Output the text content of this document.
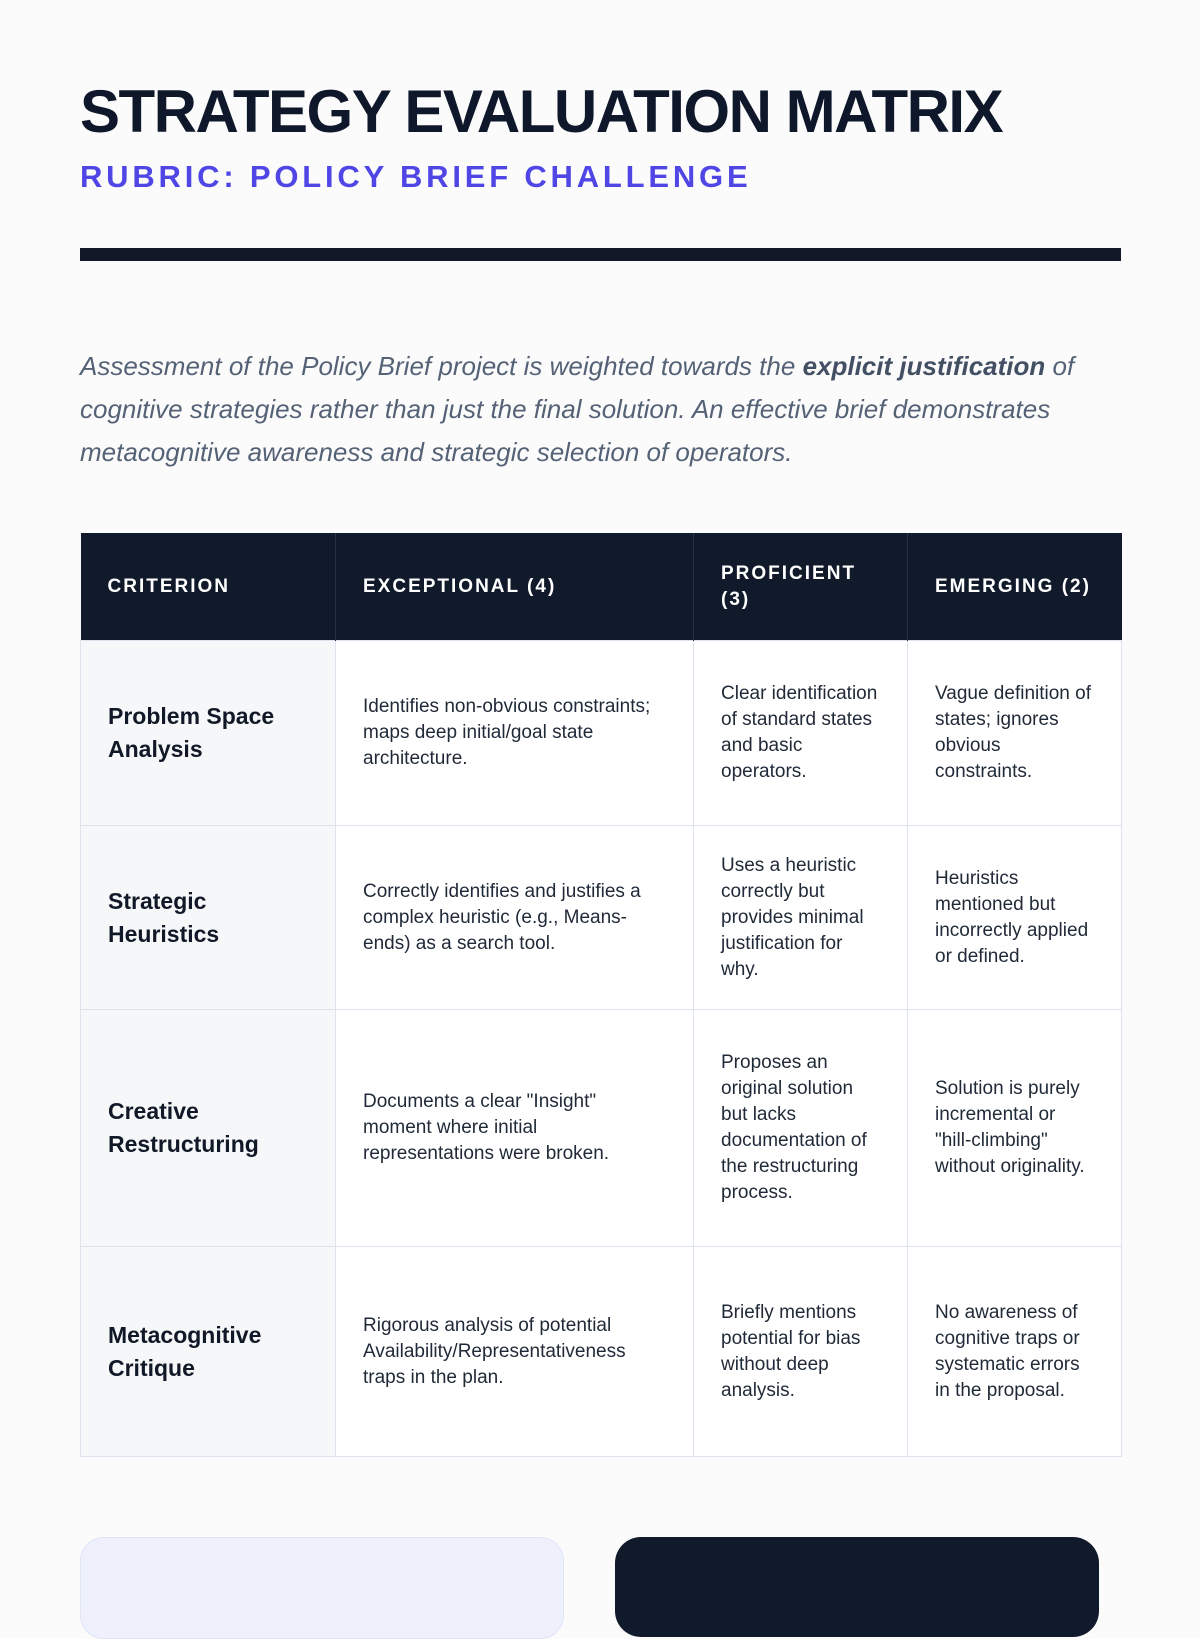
STRATEGY EVALUATION MATRIX
RUBRIC: POLICY BRIEF CHALLENGE

Assessment of the Policy Brief project is weighted towards the explicit justification of cognitive strategies rather than just the final solution. An effective brief demonstrates metacognitive awareness and strategic selection of operators.

CRITERION	EXCEPTIONAL (4)	PROFICIENT (3)	EMERGING (2)

Problem Space Analysis	Identifies non-obvious constraints; maps deep initial/goal state architecture.	Clear identification of standard states and basic operators.	Vague definition of states; ignores obvious constraints.

Strategic Heuristics	Correctly identifies and justifies a complex heuristic (e.g., Means-ends) as a search tool.	Uses a heuristic correctly but provides minimal justification for why.	Heuristics mentioned but incorrectly applied or defined.

Creative Restructuring	Documents a clear "Insight" moment where initial representations were broken.	Proposes an original solution but lacks documentation of the restructuring process.	Solution is purely incremental or "hill-climbing" without originality.

Metacognitive Critique	Rigorous analysis of potential Availability/Representativeness traps in the plan.	Briefly mentions potential for bias without deep analysis.	No awareness of cognitive traps or systematic errors in the proposal.
